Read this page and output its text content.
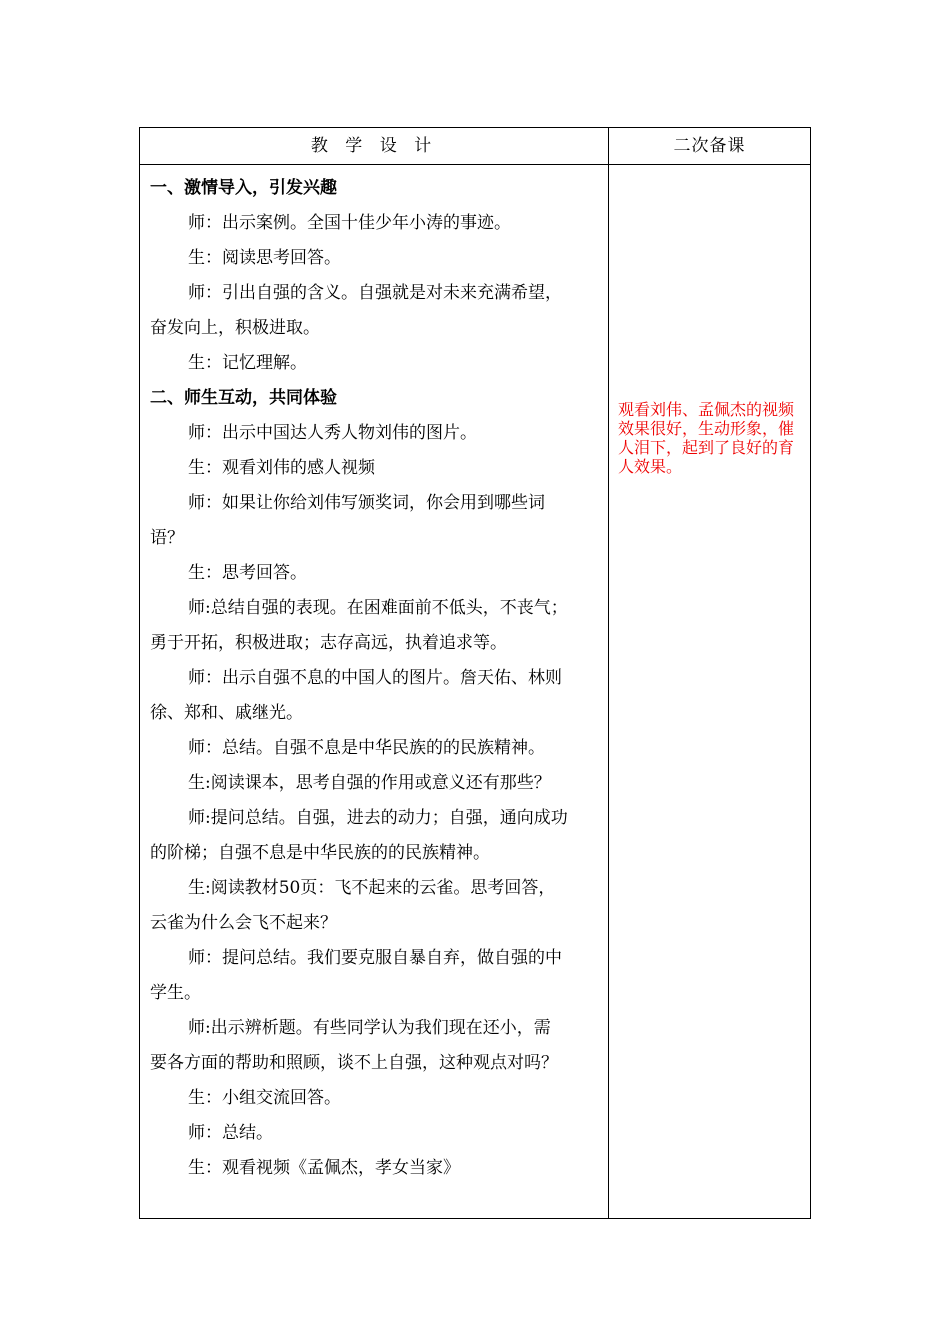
教 学 设 计	二次备课
一、激情导入，引发兴趣
师：出示案例。全国十佳少年小涛的事迹。
生：阅读思考回答。
师：引出自强的含义。自强就是对未来充满希望，
奋发向上，积极进取。
生：记忆理解。
二、师生互动，共同体验
师：出示中国达人秀人物刘伟的图片。
生：观看刘伟的感人视频
师：如果让你给刘伟写颁奖词，你会用到哪些词
语？
生：思考回答。
师:总结自强的表现。在困难面前不低头，不丧气；
勇于开拓，积极进取；志存高远，执着追求等。
师：出示自强不息的中国人的图片。詹天佑、林则
徐、郑和、戚继光。
师：总结。自强不息是中华民族的的民族精神。
生:阅读课本，思考自强的作用或意义还有那些？
师:提问总结。自强，进去的动力；自强，通向成功
的阶梯；自强不息是中华民族的的民族精神。
生:阅读教材50页：飞不起来的云雀。思考回答，
云雀为什么会飞不起来？
师：提问总结。我们要克服自暴自弃，做自强的中
学生。
师:出示辨析题。有些同学认为我们现在还小，需
要各方面的帮助和照顾，谈不上自强，这种观点对吗？
生：小组交流回答。
师：总结。
生：观看视频《孟佩杰，孝女当家》
观看刘伟、孟佩杰的视频效果很好，生动形象，催人泪下，起到了良好的育人效果。
